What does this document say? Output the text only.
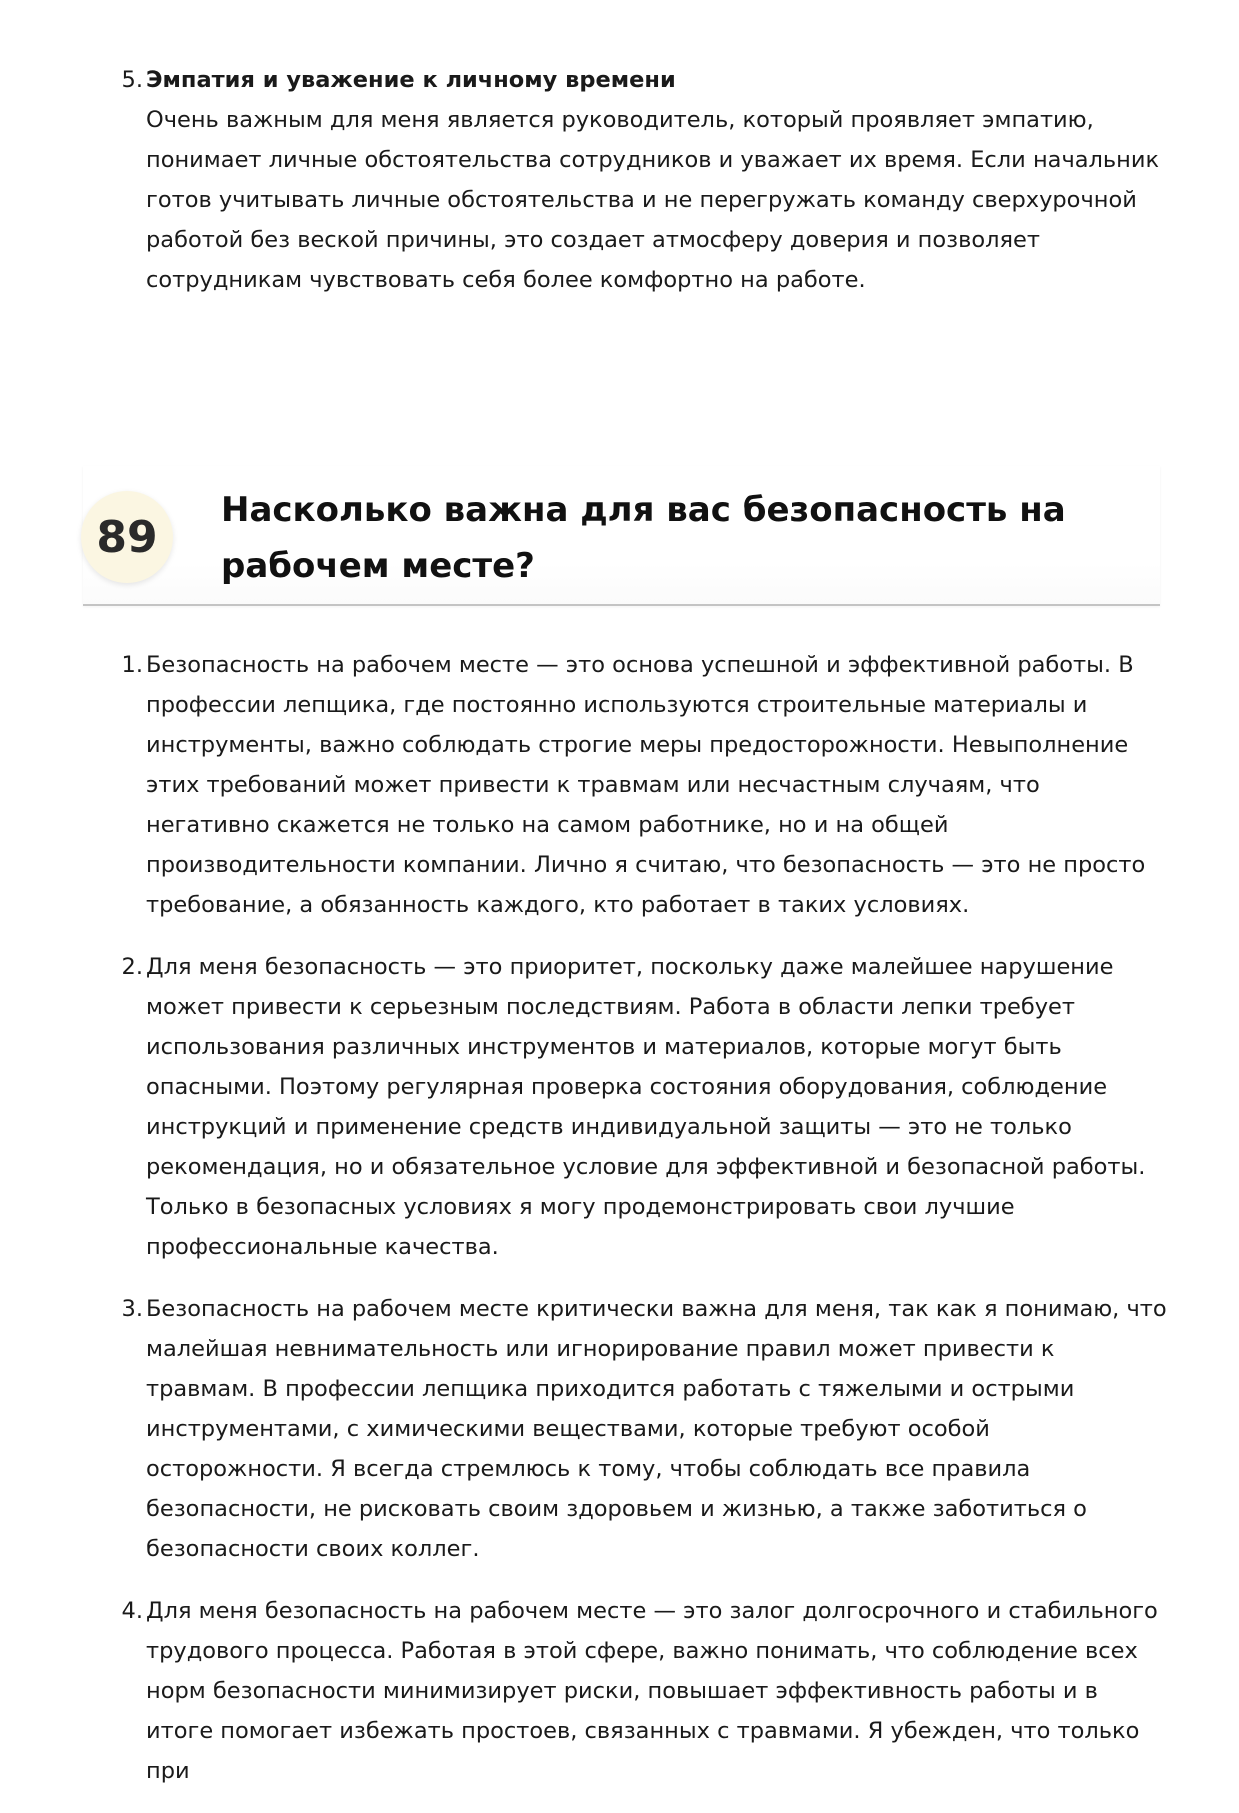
5. Эмпатия и уважение к личному времени
Очень важным для меня является руководитель, который проявляет эмпатию, понимает личные обстоятельства сотрудников и уважает их время. Если начальник готов учитывать личные обстоятельства и не перегружать команду сверхурочной работой без веской причины, это создает атмосферу доверия и позволяет сотрудникам чувствовать себя более комфортно на работе.
89
Насколько важна для вас безопасность на рабочем месте?
1. Безопасность на рабочем месте — это основа успешной и эффективной работы. В профессии лепщика, где постоянно используются строительные материалы и инструменты, важно соблюдать строгие меры предосторожности. Невыполнение этих требований может привести к травмам или несчастным случаям, что негативно скажется не только на самом работнике, но и на общей производительности компании. Лично я считаю, что безопасность — это не просто требование, а обязанность каждого, кто работает в таких условиях.
2. Для меня безопасность — это приоритет, поскольку даже малейшее нарушение может привести к серьезным последствиям. Работа в области лепки требует использования различных инструментов и материалов, которые могут быть опасными. Поэтому регулярная проверка состояния оборудования, соблюдение инструкций и применение средств индивидуальной защиты — это не только рекомендация, но и обязательное условие для эффективной и безопасной работы. Только в безопасных условиях я могу продемонстрировать свои лучшие профессиональные качества.
3. Безопасность на рабочем месте критически важна для меня, так как я понимаю, что малейшая невнимательность или игнорирование правил может привести к травмам. В профессии лепщика приходится работать с тяжелыми и острыми инструментами, с химическими веществами, которые требуют особой осторожности. Я всегда стремлюсь к тому, чтобы соблюдать все правила безопасности, не рисковать своим здоровьем и жизнью, а также заботиться о безопасности своих коллег.
4. Для меня безопасность на рабочем месте — это залог долгосрочного и стабильного трудового процесса. Работая в этой сфере, важно понимать, что соблюдение всех норм безопасности минимизирует риски, повышает эффективность работы и в итоге помогает избежать простоев, связанных с травмами. Я убежден, что только при
